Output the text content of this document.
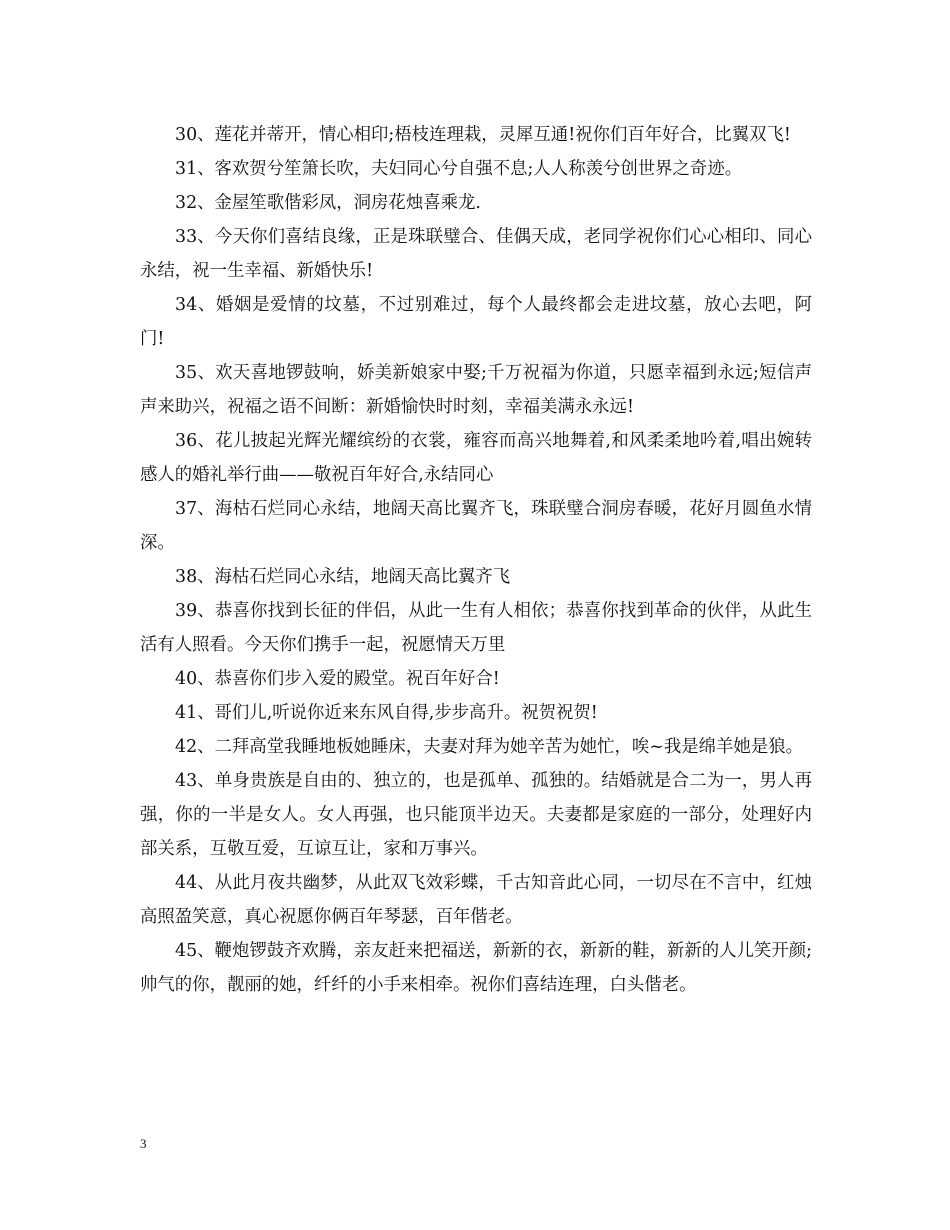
30、莲花并蒂开，情心相印;梧枝连理栽，灵犀互通!祝你们百年好合，比翼双飞!

31、客欢贺兮笙箫长吹，夫妇同心兮自强不息;人人称羡兮创世界之奇迹。

32、金屋笙歌偕彩凤，洞房花烛喜乘龙.

33、今天你们喜结良缘，正是珠联璧合、佳偶天成，老同学祝你们心心相印、同心永结，祝一生幸福、新婚快乐!

34、婚姻是爱情的坟墓，不过别难过，每个人最终都会走进坟墓，放心去吧，阿门!

35、欢天喜地锣鼓响，娇美新娘家中娶;千万祝福为你道，只愿幸福到永远;短信声声来助兴，祝福之语不间断：新婚愉快时时刻，幸福美满永永远!

36、花儿披起光辉光耀缤纷的衣裳，雍容而高兴地舞着,和风柔柔地吟着,唱出婉转感人的婚礼举行曲——敬祝百年好合,永结同心

37、海枯石烂同心永结，地阔天高比翼齐飞，珠联璧合洞房春暖，花好月圆鱼水情深。

38、海枯石烂同心永结，地阔天高比翼齐飞

39、恭喜你找到长征的伴侣，从此一生有人相依；恭喜你找到革命的伙伴，从此生活有人照看。今天你们携手一起，祝愿情天万里

40、恭喜你们步入爱的殿堂。祝百年好合!

41、哥们儿,听说你近来东风自得,步步高升。祝贺祝贺!

42、二拜高堂我睡地板她睡床，夫妻对拜为她辛苦为她忙，唉~我是绵羊她是狼。

43、单身贵族是自由的、独立的，也是孤单、孤独的。结婚就是合二为一，男人再强，你的一半是女人。女人再强，也只能顶半边天。夫妻都是家庭的一部分，处理好内部关系，互敬互爱，互谅互让，家和万事兴。

44、从此月夜共幽梦，从此双飞效彩蝶，千古知音此心同，一切尽在不言中，红烛高照盈笑意，真心祝愿你俩百年琴瑟，百年偕老。

45、鞭炮锣鼓齐欢腾，亲友赶来把福送，新新的衣，新新的鞋，新新的人儿笑开颜;帅气的你，靓丽的她，纤纤的小手来相牵。祝你们喜结连理，白头偕老。

3
